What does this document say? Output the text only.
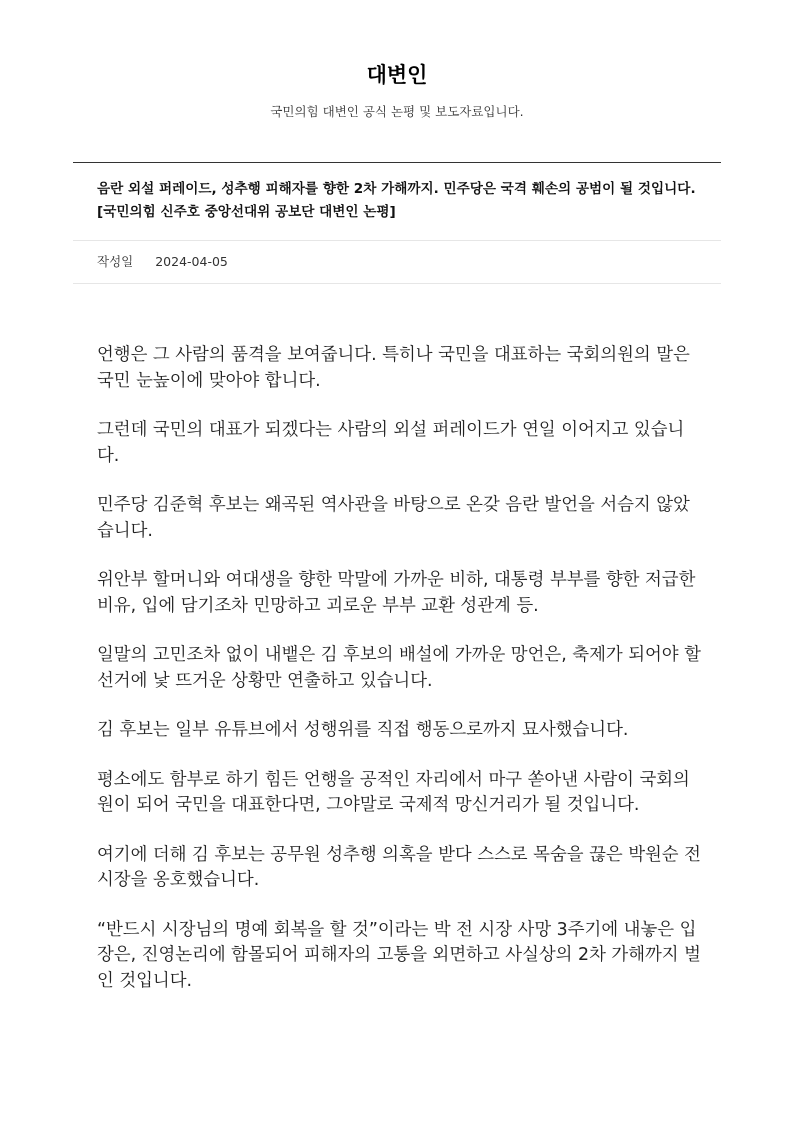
대변인
국민의힘 대변인 공식 논평 및 보도자료입니다.
음란 외설 퍼레이드, 성추행 피해자를 향한 2차 가해까지. 민주당은 국격 훼손의 공범이 될 것입니다. [국민의힘 신주호 중앙선대위 공보단 대변인 논평]
작성일 2024-04-05

언행은 그 사람의 품격을 보여줍니다. 특히나 국민을 대표하는 국회의원의 말은 국민 눈높이에 맞아야 합니다.

그런데 국민의 대표가 되겠다는 사람의 외설 퍼레이드가 연일 이어지고 있습니다.

민주당 김준혁 후보는 왜곡된 역사관을 바탕으로 온갖 음란 발언을 서슴지 않았습니다.

위안부 할머니와 여대생을 향한 막말에 가까운 비하, 대통령 부부를 향한 저급한 비유, 입에 담기조차 민망하고 괴로운 부부 교환 성관계 등.

일말의 고민조차 없이 내뱉은 김 후보의 배설에 가까운 망언은, 축제가 되어야 할 선거에 낯 뜨거운 상황만 연출하고 있습니다.

김 후보는 일부 유튜브에서 성행위를 직접 행동으로까지 묘사했습니다.

평소에도 함부로 하기 힘든 언행을 공적인 자리에서 마구 쏟아낸 사람이 국회의원이 되어 국민을 대표한다면, 그야말로 국제적 망신거리가 될 것입니다.

여기에 더해 김 후보는 공무원 성추행 의혹을 받다 스스로 목숨을 끊은 박원순 전 시장을 옹호했습니다.

“반드시 시장님의 명예 회복을 할 것”이라는 박 전 시장 사망 3주기에 내놓은 입장은, 진영논리에 함몰되어 피해자의 고통을 외면하고 사실상의 2차 가해까지 벌인 것입니다.
